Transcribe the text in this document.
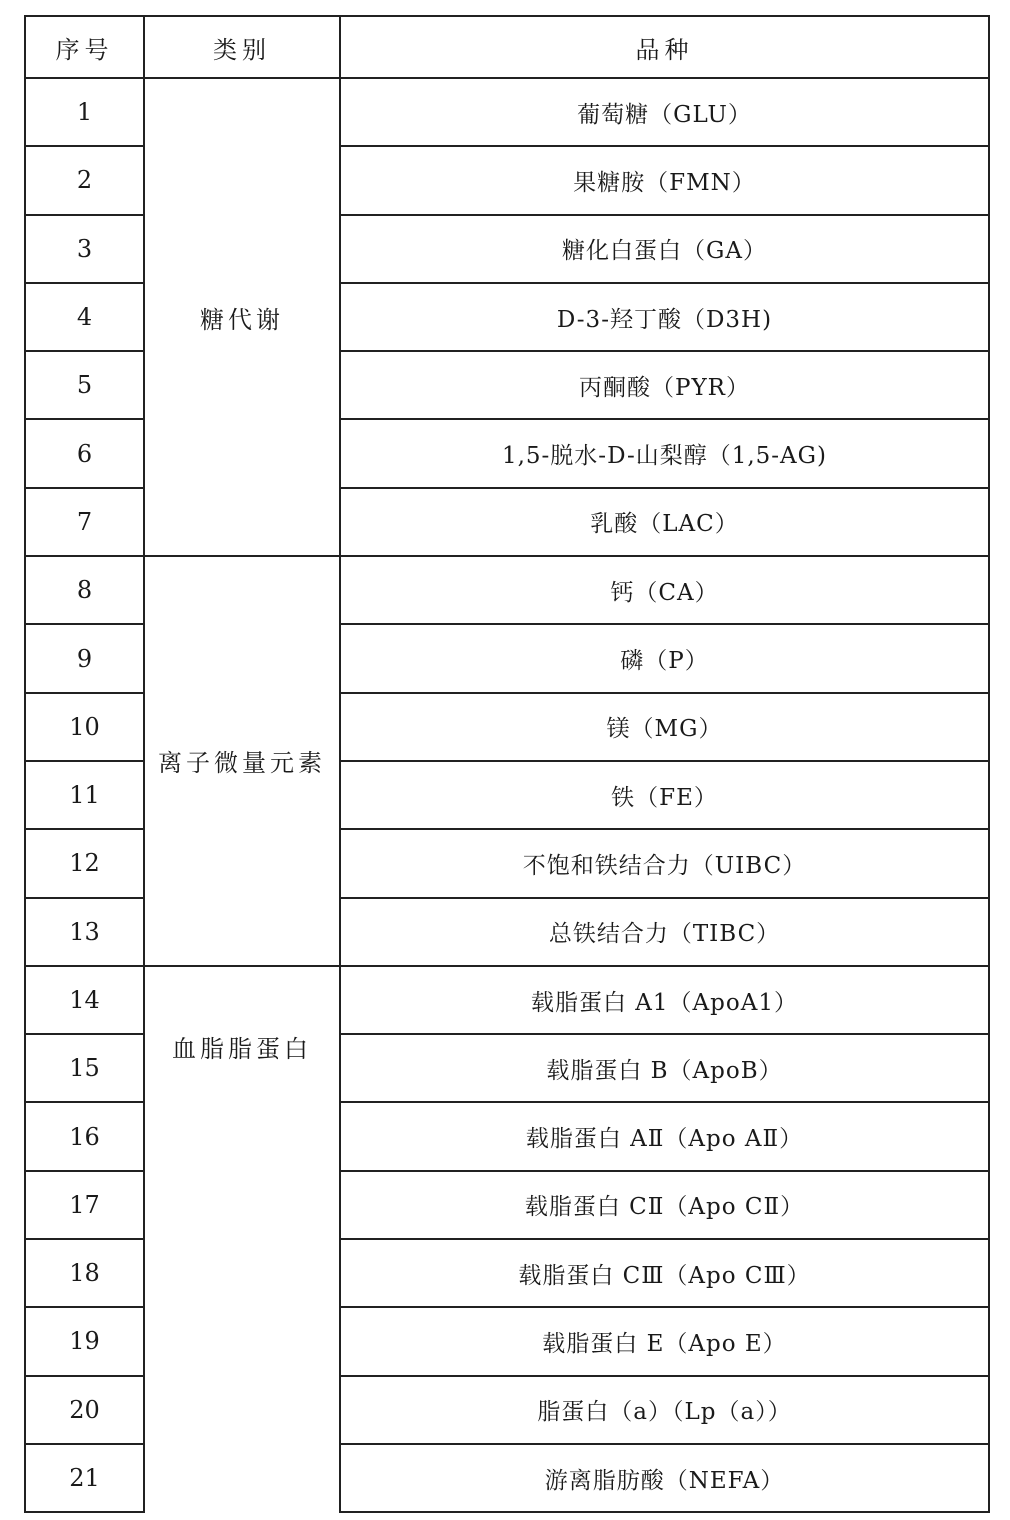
序号	类别	品种
1	糖代谢	葡萄糖（GLU）
2		果糖胺（FMN）
3		糖化白蛋白（GA）
4		D-3-羟丁酸（D3H)
5		丙酮酸（PYR）
6		1,5-脱水-D-山梨醇（1,5-AG)
7		乳酸（LAC）
8	离子微量元素	钙（CA）
9		磷（P）
10		镁（MG）
11		铁（FE）
12		不饱和铁结合力（UIBC）
13		总铁结合力（TIBC）
14	血脂脂蛋白	载脂蛋白 A1（ApoA1）
15		载脂蛋白 B（ApoB）
16		载脂蛋白 AⅡ（Apo AⅡ）
17		载脂蛋白 CⅡ（Apo CⅡ）
18		载脂蛋白 CⅢ（Apo CⅢ）
19		载脂蛋白 E（Apo E）
20		脂蛋白（a）（Lp（a））
21		游离脂肪酸（NEFA）
